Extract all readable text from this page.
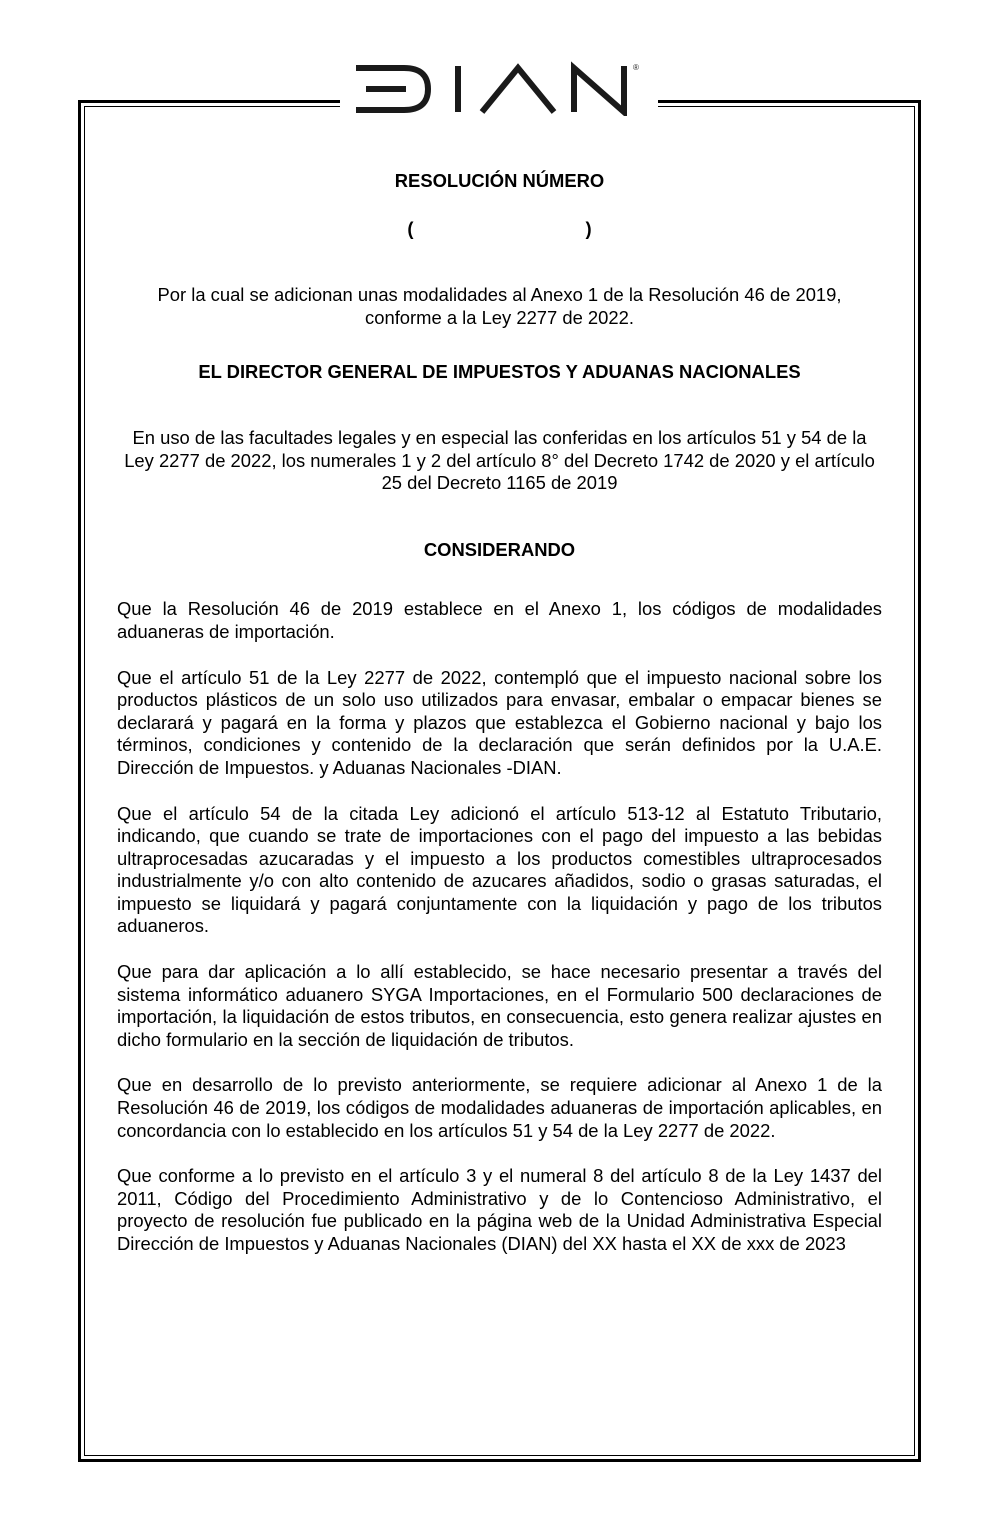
®

RESOLUCIÓN NÚMERO

(	)
Por la cual se adicionan unas modalidades al Anexo 1 de la Resolución 46 de 2019, conforme a la Ley 2277 de 2022.
EL DIRECTOR GENERAL DE IMPUESTOS Y ADUANAS NACIONALES
En uso de las facultades legales y en especial las conferidas en los artículos 51 y 54 de la Ley 2277 de 2022, los numerales 1 y 2 del artículo 8° del Decreto 1742 de 2020 y el artículo 25 del Decreto 1165 de 2019
CONSIDERANDO

Que la Resolución 46 de 2019 establece en el Anexo 1, los códigos de modalidades aduaneras de importación.

Que el artículo 51 de la Ley 2277 de 2022, contempló que el impuesto nacional sobre los productos plásticos de un solo uso utilizados para envasar, embalar o empacar bienes se declarará y pagará en la forma y plazos que establezca el Gobierno nacional y bajo los términos, condiciones y contenido de la declaración que serán definidos por la U.A.E. Dirección de Impuestos. y Aduanas Nacionales -DIAN.

Que el artículo 54 de la citada Ley adicionó el artículo 513-12 al Estatuto Tributario, indicando, que cuando se trate de importaciones con el pago del impuesto a las bebidas ultraprocesadas azucaradas y el impuesto a los productos comestibles ultraprocesados industrialmente y/o con alto contenido de azucares añadidos, sodio o grasas saturadas, el impuesto se liquidará y pagará conjuntamente con la liquidación y pago de los tributos aduaneros.

Que para dar aplicación a lo allí establecido, se hace necesario presentar a través del sistema informático aduanero SYGA Importaciones, en el Formulario 500 declaraciones de importación, la liquidación de estos tributos, en consecuencia, esto genera realizar ajustes en dicho formulario en la sección de liquidación de tributos.

Que en desarrollo de lo previsto anteriormente, se requiere adicionar al Anexo 1 de la Resolución 46 de 2019, los códigos de modalidades aduaneras de importación aplicables, en concordancia con lo establecido en los artículos 51 y 54 de la Ley 2277 de 2022.

Que conforme a lo previsto en el artículo 3 y el numeral 8 del artículo 8 de la Ley 1437 del 2011, Código del Procedimiento Administrativo y de lo Contencioso Administrativo, el proyecto de resolución fue publicado en la página web de la Unidad Administrativa Especial Dirección de Impuestos y Aduanas Nacionales (DIAN) del XX hasta el XX de xxx de 2023
